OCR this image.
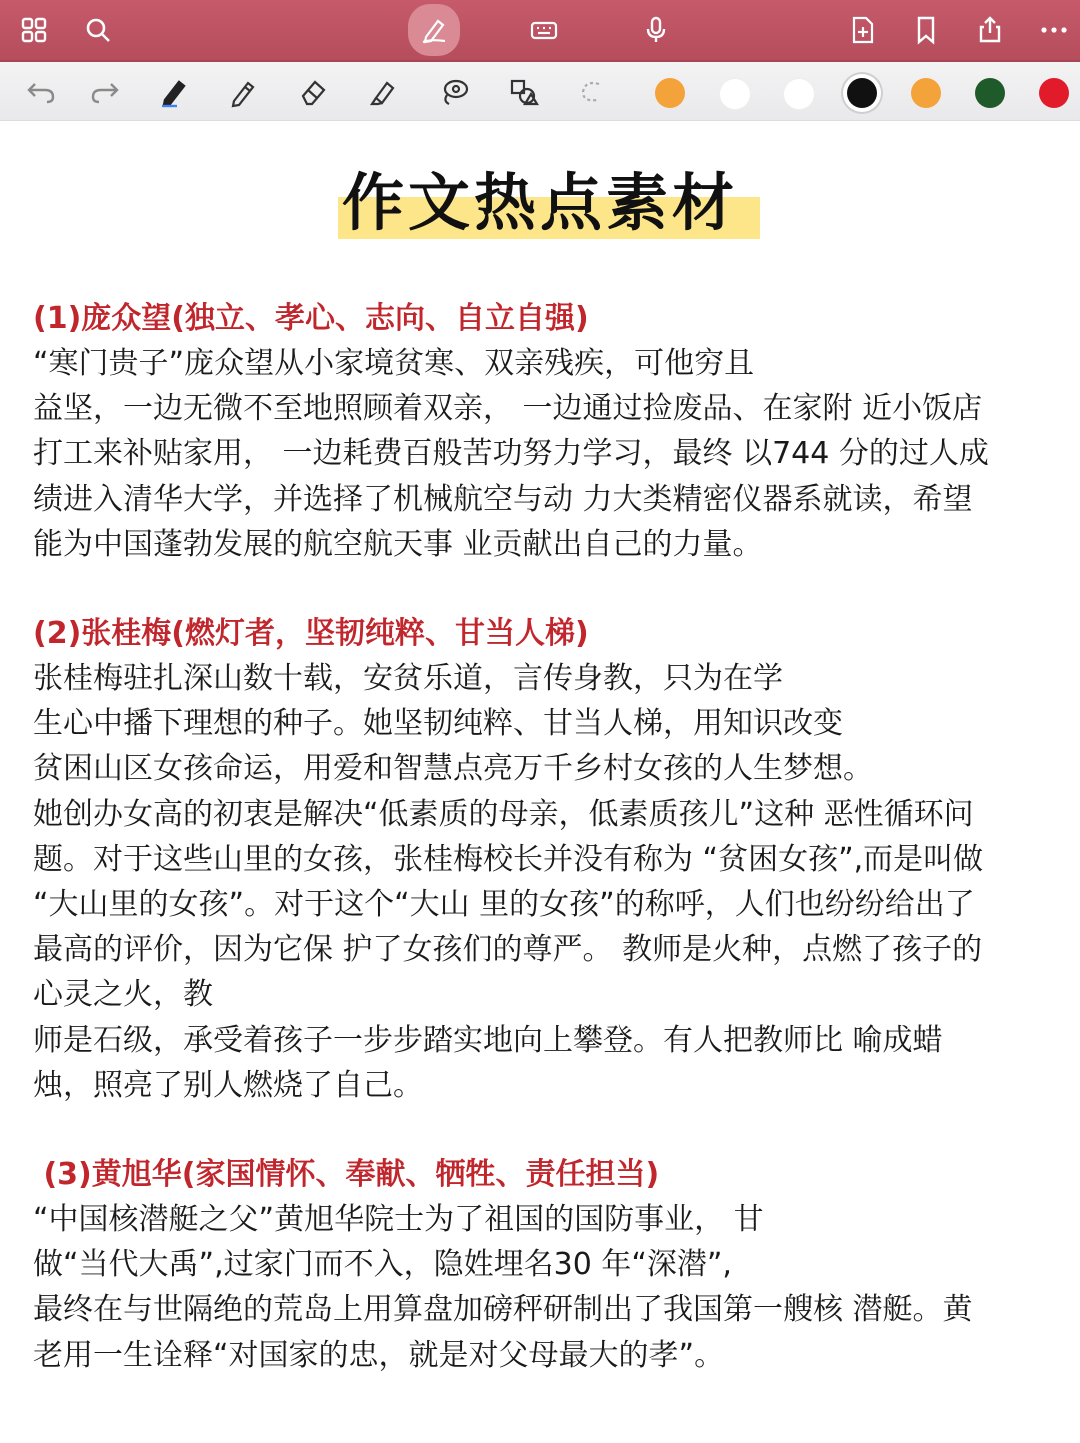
作文热点素材
(1)庞众望(独立、孝心、志向、自立自强)
“寒门贵子”庞众望从小家境贫寒、双亲残疾，可他穷且
益坚，一边无微不至地照顾着双亲， 一边通过捡废品、在家附 近小饭店
打工来补贴家用， 一边耗费百般苦功努力学习，最终 以744 分的过人成
绩进入清华大学，并选择了机械航空与动 力大类精密仪器系就读，希望
能为中国蓬勃发展的航空航天事 业贡献出自己的力量。
(2)张桂梅(燃灯者，坚韧纯粹、甘当人梯)
张桂梅驻扎深山数十载，安贫乐道，言传身教，只为在学
生心中播下理想的种子。她坚韧纯粹、甘当人梯，用知识改变
贫困山区女孩命运，用爱和智慧点亮万千乡村女孩的人生梦想。
她创办女高的初衷是解决“低素质的母亲，低素质孩儿”这种 恶性循环问
题。对于这些山里的女孩，张桂梅校长并没有称为 “贫困女孩”,而是叫做
“大山里的女孩”。对于这个“大山 里的女孩”的称呼，人们也纷纷给出了
最高的评价，因为它保 护了女孩们的尊严。 教师是火种，点燃了孩子的
心灵之火，教
师是石级，承受着孩子一步步踏实地向上攀登。有人把教师比 喻成蜡
烛，照亮了别人燃烧了自己。
(3)黄旭华(家国情怀、奉献、牺牲、责任担当)
“中国核潜艇之父”黄旭华院士为了祖国的国防事业， 甘
做“当代大禹”,过家门而不入，隐姓埋名30 年“深潜”,
最终在与世隔绝的荒岛上用算盘加磅秤研制出了我国第一艘核 潜艇。黄
老用一生诠释“对国家的忠，就是对父母最大的孝”。
